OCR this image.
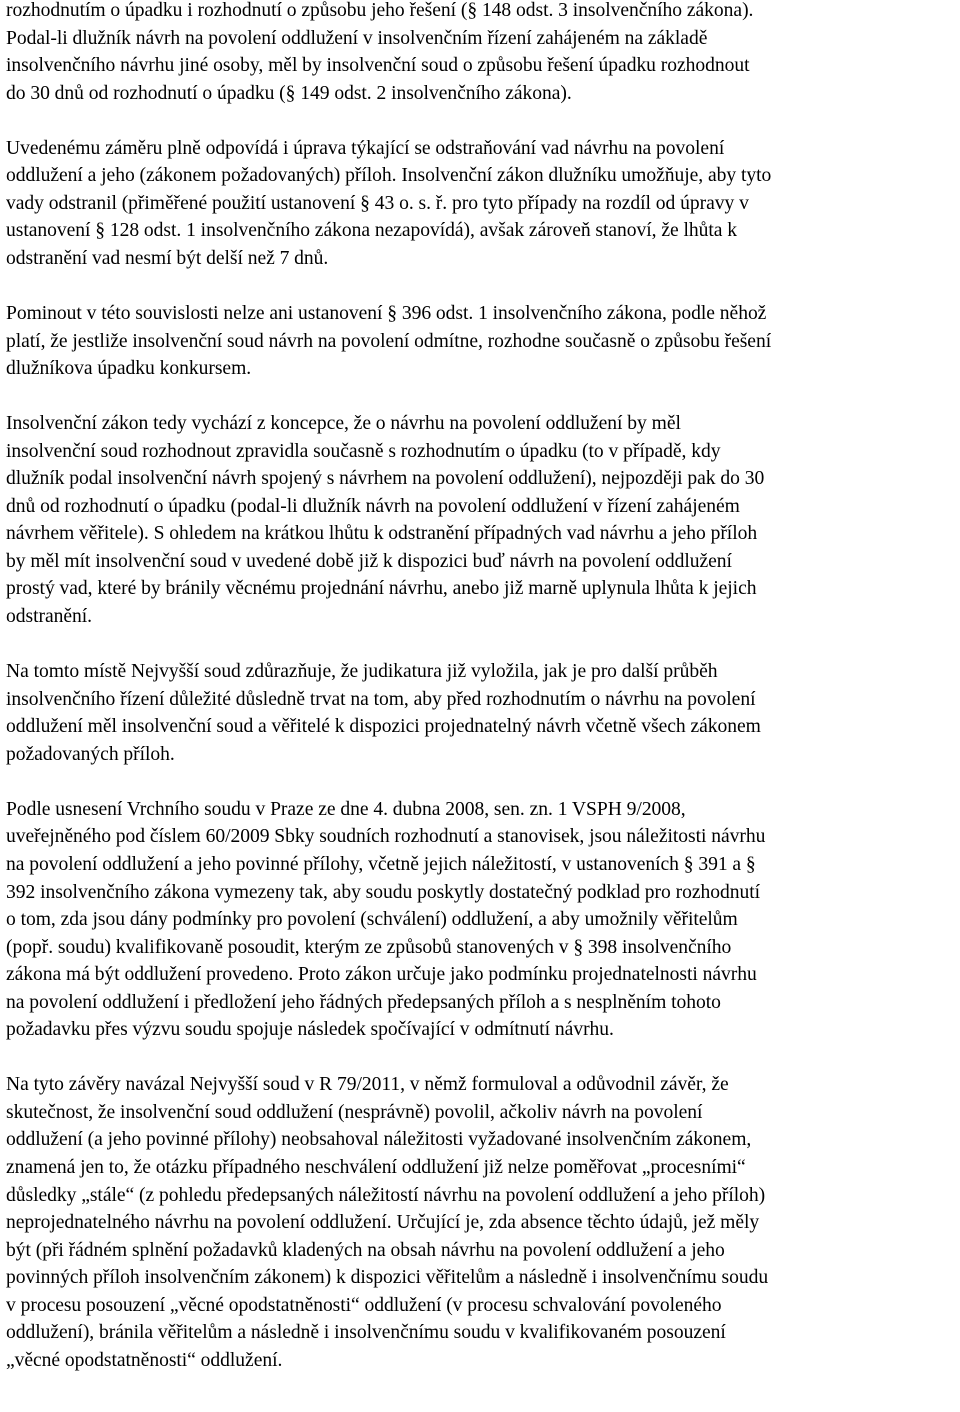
rozhodnutím o úpadku i rozhodnutí o způsobu jeho řešení (§ 148 odst. 3 insolvenčního zákona).
Podal-li dlužník návrh na povolení oddlužení v insolvenčním řízení zahájeném na základě
insolvenčního návrhu jiné osoby, měl by insolvenční soud o způsobu řešení úpadku rozhodnout
do 30 dnů od rozhodnutí o úpadku (§ 149 odst. 2 insolvenčního zákona).

Uvedenému záměru plně odpovídá i úprava týkající se odstraňování vad návrhu na povolení
oddlužení a jeho (zákonem požadovaných) příloh. Insolvenční zákon dlužníku umožňuje, aby tyto
vady odstranil (přiměřené použití ustanovení § 43 o. s. ř. pro tyto případy na rozdíl od úpravy v
ustanovení § 128 odst. 1 insolvenčního zákona nezapovídá), avšak zároveň stanoví, že lhůta k
odstranění vad nesmí být delší než 7 dnů.

Pominout v této souvislosti nelze ani ustanovení § 396 odst. 1 insolvenčního zákona, podle něhož
platí, že jestliže insolvenční soud návrh na povolení odmítne, rozhodne současně o způsobu řešení
dlužníkova úpadku konkursem.

Insolvenční zákon tedy vychází z koncepce, že o návrhu na povolení oddlužení by měl
insolvenční soud rozhodnout zpravidla současně s rozhodnutím o úpadku (to v případě, kdy
dlužník podal insolvenční návrh spojený s návrhem na povolení oddlužení), nejpozději pak do 30
dnů od rozhodnutí o úpadku (podal-li dlužník návrh na povolení oddlužení v řízení zahájeném
návrhem věřitele). S ohledem na krátkou lhůtu k odstranění případných vad návrhu a jeho příloh
by měl mít insolvenční soud v uvedené době již k dispozici buď návrh na povolení oddlužení
prostý vad, které by bránily věcnému projednání návrhu, anebo již marně uplynula lhůta k jejich
odstranění.

Na tomto místě Nejvyšší soud zdůrazňuje, že judikatura již vyložila, jak je pro další průběh
insolvenčního řízení důležité důsledně trvat na tom, aby před rozhodnutím o návrhu na povolení
oddlužení měl insolvenční soud a věřitelé k dispozici projednatelný návrh včetně všech zákonem
požadovaných příloh.

Podle usnesení Vrchního soudu v Praze ze dne 4. dubna 2008, sen. zn. 1 VSPH 9/2008,
uveřejněného pod číslem 60/2009 Sbky soudních rozhodnutí a stanovisek, jsou náležitosti návrhu
na povolení oddlužení a jeho povinné přílohy, včetně jejich náležitostí, v ustanoveních § 391 a §
392 insolvenčního zákona vymezeny tak, aby soudu poskytly dostatečný podklad pro rozhodnutí
o tom, zda jsou dány podmínky pro povolení (schválení) oddlužení, a aby umožnily věřitelům
(popř. soudu) kvalifikovaně posoudit, kterým ze způsobů stanovených v § 398 insolvenčního
zákona má být oddlužení provedeno. Proto zákon určuje jako podmínku projednatelnosti návrhu
na povolení oddlužení i předložení jeho řádných předepsaných příloh a s nesplněním tohoto
požadavku přes výzvu soudu spojuje následek spočívající v odmítnutí návrhu.

Na tyto závěry navázal Nejvyšší soud v R 79/2011, v němž formuloval a odůvodnil závěr, že
skutečnost, že insolvenční soud oddlužení (nesprávně) povolil, ačkoliv návrh na povolení
oddlužení (a jeho povinné přílohy) neobsahoval náležitosti vyžadované insolvenčním zákonem,
znamená jen to, že otázku případného neschválení oddlužení již nelze poměřovat „procesními“
důsledky „stále“ (z pohledu předepsaných náležitostí návrhu na povolení oddlužení a jeho příloh)
neprojednatelného návrhu na povolení oddlužení. Určující je, zda absence těchto údajů, jež měly
být (při řádném splnění požadavků kladených na obsah návrhu na povolení oddlužení a jeho
povinných příloh insolvenčním zákonem) k dispozici věřitelům a následně i insolvenčnímu soudu
v procesu posouzení „věcné opodstatněnosti“ oddlužení (v procesu schvalování povoleného
oddlužení), bránila věřitelům a následně i insolvenčnímu soudu v kvalifikovaném posouzení
„věcné opodstatněnosti“ oddlužení.
